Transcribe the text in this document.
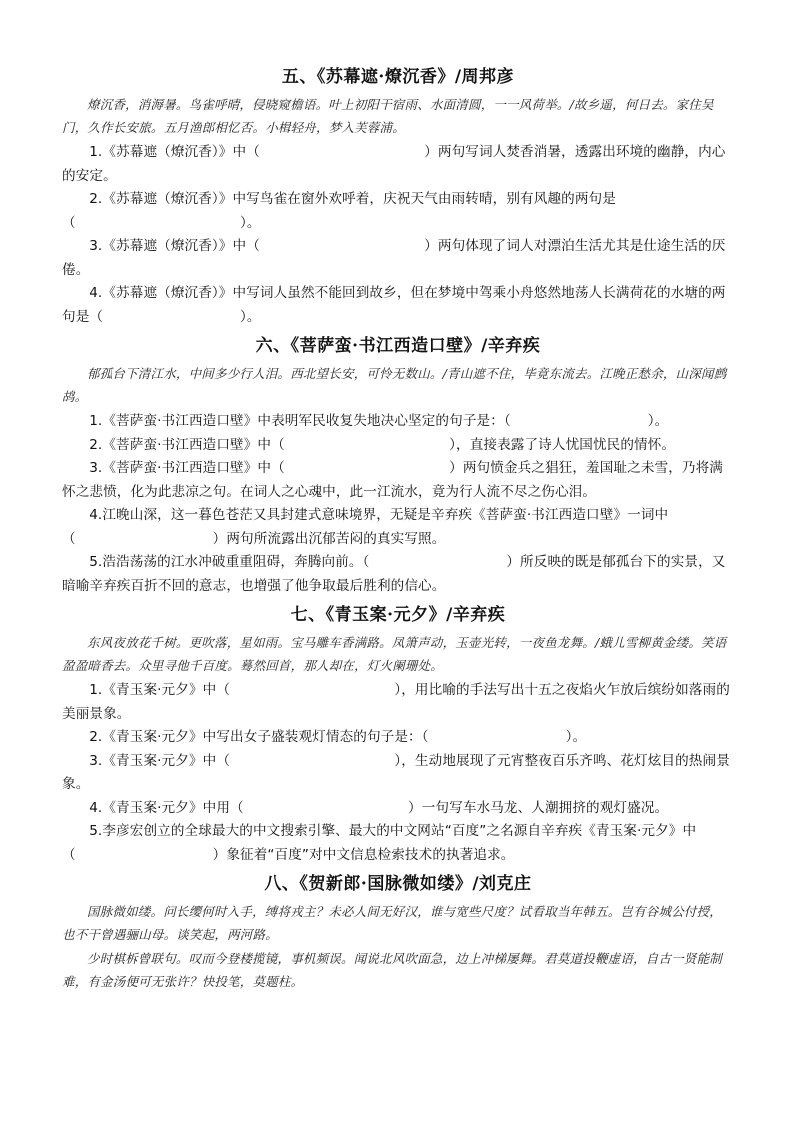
五、《苏幕遮·燎沉香》/周邦彦

燎沉香，消溽暑。鸟雀呼晴，侵晓窥檐语。叶上初阳干宿雨、水面清圆，一一风荷举。/故乡遥，何日去。家住吴门，久作长安旅。五月渔郎相忆否。小楫轻舟，梦入芙蓉浦。

1.《苏幕遮（燎沉香）》中（　　　　　　　　　　　　）两句写词人焚香消暑，透露出环境的幽静，内心的安定。

2.《苏幕遮（燎沉香）》中写鸟雀在窗外欢呼着，庆祝天气由雨转晴，别有风趣的两句是（　　　　　　　　　　　　）。

3.《苏幕遮（燎沉香）》中（　　　　　　　　　　　　）两句体现了词人对漂泊生活尤其是仕途生活的厌倦。

4.《苏幕遮（燎沉香）》中写词人虽然不能回到故乡，但在梦境中驾乘小舟悠然地荡人长满荷花的水塘的两句是（　　　　　　　　　　）。

六、《菩萨蛮·书江西造口壁》/辛弃疾

郁孤台下清江水，中间多少行人泪。西北望长安，可怜无数山。/青山遮不住，毕竟东流去。江晚正愁余，山深闻鹧鸪。

1.《菩萨蛮·书江西造口壁》中表明军民收复失地决心坚定的句子是：（　　　　　　　　　　）。

2.《菩萨蛮·书江西造口壁》中（　　　　　　　　　　　　），直接表露了诗人忧国忧民的情怀。

3.《菩萨蛮·书江西造口壁》中（　　　　　　　　　　　　）两句愤金兵之猖狂，羞国耻之未雪，乃将满怀之悲愤，化为此悲凉之句。在词人之心魂中，此一江流水，竟为行人流不尽之伤心泪。

4.江晚山深，这一暮色苍茫又具封建式意味境界，无疑是辛弃疾《菩萨蛮·书江西造口壁》一词中（　　　　　　　　　　）两句所流露出沉郁苦闷的真实写照。

5.浩浩荡荡的江水冲破重重阻碍，奔腾向前。（　　　　　　　　　　）所反映的既是郁孤台下的实景，又暗喻辛弃疾百折不回的意志，也增强了他争取最后胜利的信心。

七、《青玉案·元夕》/辛弃疾

东风夜放花千树。更吹落，星如雨。宝马雕车香满路。凤箫声动，玉壶光转，一夜鱼龙舞。/蛾儿雪柳黄金缕。笑语盈盈暗香去。众里寻他千百度。蓦然回首，那人却在，灯火阑珊处。

1.《青玉案·元夕》中（　　　　　　　　　　　　），用比喻的手法写出十五之夜焰火乍放后缤纷如落雨的美丽景象。

2.《青玉案·元夕》中写出女子盛装观灯情态的句子是：（　　　　　　　　　　）。

3.《青玉案·元夕》中（　　　　　　　　　　　　），生动地展现了元宵整夜百乐齐鸣、花灯炫目的热闹景象。

4.《青玉案·元夕》中用（　　　　　　　　　　　　）一句写车水马龙、人潮拥挤的观灯盛况。

5.李彦宏创立的全球最大的中文搜索引擎、最大的中文网站“百度”之名源自辛弃疾《青玉案·元夕》中（　　　　　　　　　　）象征着“百度”对中文信息检索技术的执著追求。

八、《贺新郎·国脉微如缕》/刘克庄

国脉微如缕。问长缨何时入手，缚将戎主？未必人间无好汉，谁与宽些尺度？试看取当年韩五。岂有谷城公付授，也不干曾遇骊山母。谈笑起，两河路。

少时棋柝曾联句。叹而今登楼揽镜，事机频误。闻说北风吹面急，边上冲梯屡舞。君莫道投鞭虚语，自古一贤能制难，有金汤便可无张许？快投笔，莫题柱。
